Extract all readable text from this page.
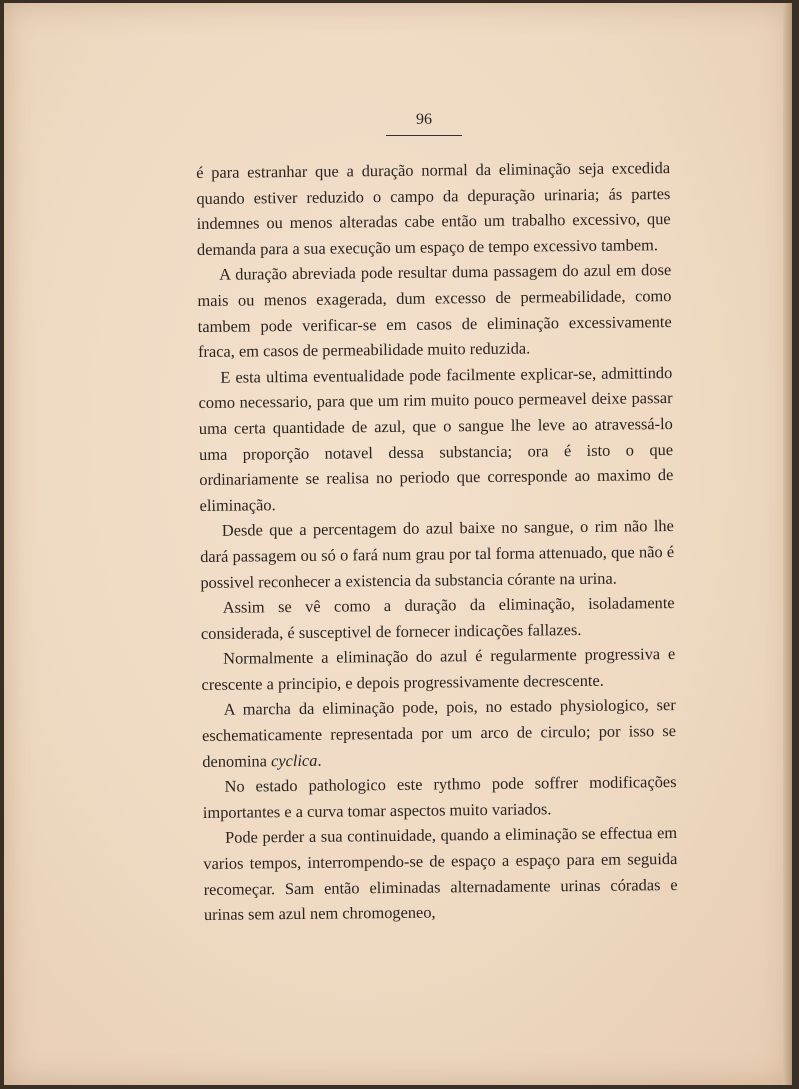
96

é para estranhar que a duração normal da eliminação seja excedida quando estiver reduzido o campo da depuração urinaria; ás partes indemnes ou menos alteradas cabe então um trabalho excessivo, que demanda para a sua execução um espaço de tempo excessivo tambem.

A duração abreviada pode resultar duma passagem do azul em dose mais ou menos exagerada, dum excesso de permeabilidade, como tambem pode verificar-se em casos de eliminação excessivamente fraca, em casos de permeabilidade muito reduzida.

E esta ultima eventualidade pode facilmente explicar-se, admittindo como necessario, para que um rim muito pouco permeavel deixe passar uma certa quantidade de azul, que o sangue lhe leve ao atravessá-lo uma proporção notavel dessa substancia; ora é isto o que ordinariamente se realisa no periodo que corresponde ao maximo de eliminação.

Desde que a percentagem do azul baixe no sangue, o rim não lhe dará passagem ou só o fará num grau por tal forma attenuado, que não é possivel reconhecer a existencia da substancia córante na urina.

Assim se vê como a duração da eliminação, isoladamente considerada, é susceptivel de fornecer indicações fallazes.

Normalmente a eliminação do azul é regularmente progressiva e crescente a principio, e depois progressivamente decrescente.

A marcha da eliminação pode, pois, no estado physiologico, ser eschematicamente representada por um arco de circulo; por isso se denomina cyclica.

No estado pathologico este rythmo pode soffrer modificações importantes e a curva tomar aspectos muito variados.

Pode perder a sua continuidade, quando a eliminação se effectua em varios tempos, interrompendo-se de espaço a espaço para em seguida recomeçar. Sam então eliminadas alternadamente urinas córadas e urinas sem azul nem chromogeneo,
